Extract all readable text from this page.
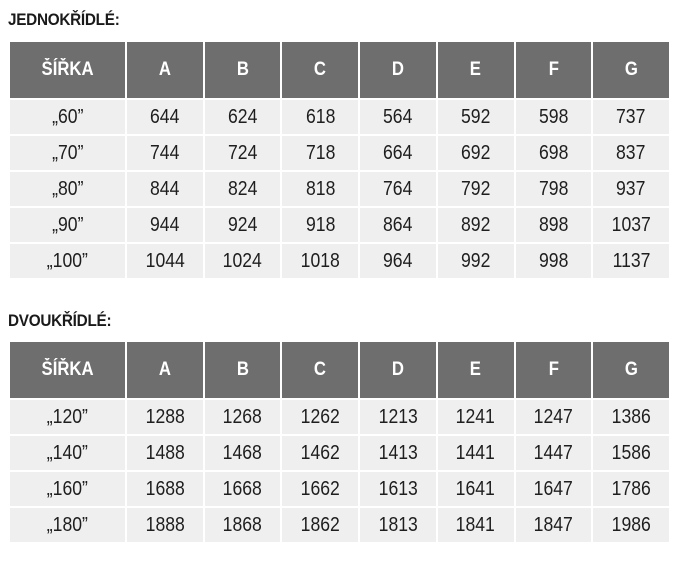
JEDNOKŘÍDLÉ:
ŠÍŘKA	A	B	C	D	E	F	G
„60”	644	624	618	564	592	598	737
„70”	744	724	718	664	692	698	837
„80”	844	824	818	764	792	798	937
„90”	944	924	918	864	892	898	1037
„100”	1044	1024	1018	964	992	998	1137
DVOUKŘÍDLÉ:
ŠÍŘKA	A	B	C	D	E	F	G
„120”	1288	1268	1262	1213	1241	1247	1386
„140”	1488	1468	1462	1413	1441	1447	1586
„160”	1688	1668	1662	1613	1641	1647	1786
„180”	1888	1868	1862	1813	1841	1847	1986
